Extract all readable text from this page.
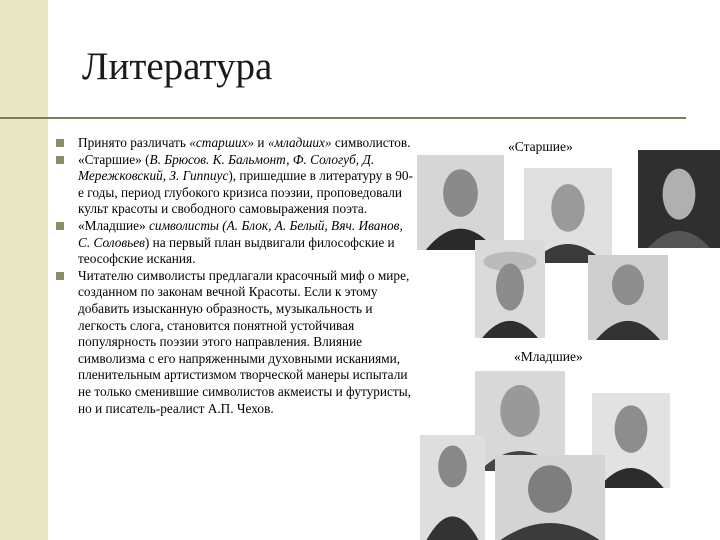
Литература
Принято различать «старших» и «младших» символистов.
«Старшие» (В. Брюсов. К. Бальмонт, Ф. Сологуб, Д. Мережковский, З. Гиппиус), пришедшие в литературу в 90-е годы, период глубокого кризиса поэзии, проповедовали культ красоты и свободного самовыражения поэта.
«Младшие» символисты (А. Блок, А. Белый, Вяч. Иванов, С. Соловьев) на первый план выдвигали философские и теософские искания.
Читателю символисты предлагали красочный миф о мире, созданном по законам вечной Красоты. Если к этому добавить изысканную образность, музыкальность и легкость слога, становится понятной устойчивая популярность поэзии этого направления. Влияние символизма с его напряженными духовными исканиями, пленительным артистизмом творческой манеры испытали не только сменившие символистов акмеисты и футуристы, но и писатель-реалист А.П. Чехов.
«Старшие»
«Младшие»
